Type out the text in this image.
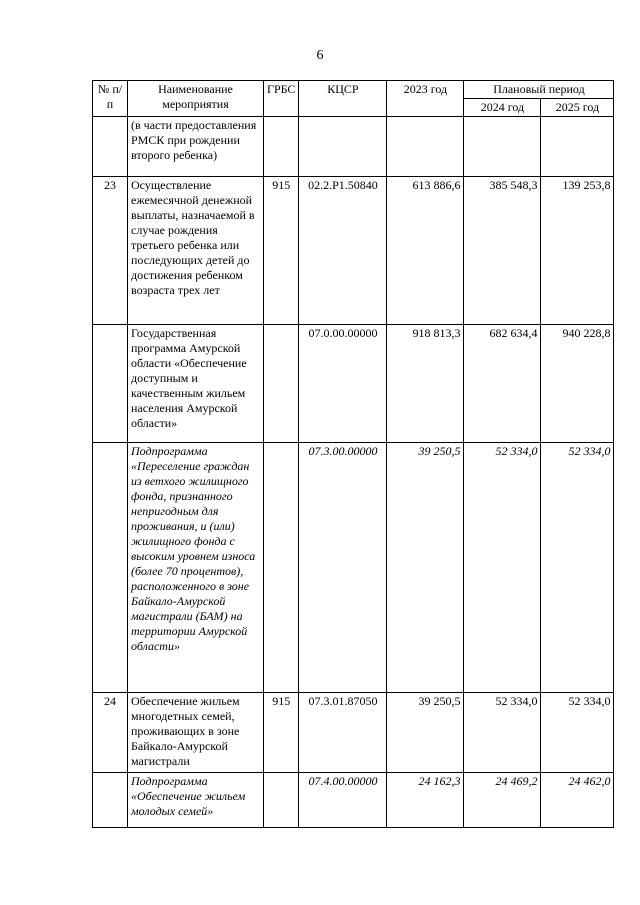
6
№ п/п	Наименование мероприятия	ГРБС	КЦСР	2023 год	Плановый период	
					2024 год	2025 год
	(в части предоставления РМСК при рождении второго ребенка)					
23	Осуществление ежемесячной денежной выплаты, назначаемой в случае рождения третьего ребенка или последующих детей до достижения ребенком возраста трех лет	915	02.2.Р1.50840	613 886,6	385 548,3	139 253,8
	Государственная программа Амурской области «Обеспечение доступным и качественным жильем населения Амурской области»		07.0.00.00000	918 813,3	682 634,4	940 228,8
	Подпрограмма «Переселение граждан из ветхого жилищного фонда, признанного непригодным для проживания, и (или) жилищного фонда с высоким уровнем износа (более 70 процентов), расположенного в зоне Байкало-Амурской магистрали (БАМ) на территории Амурской области»		07.3.00.00000	39 250,5	52 334,0	52 334,0
24	Обеспечение жильем многодетных семей, проживающих в зоне Байкало-Амурской магистрали	915	07.3.01.87050	39 250,5	52 334,0	52 334,0
	Подпрограмма «Обеспечение жильем молодых семей»		07.4.00.00000	24 162,3	24 469,2	24 462,0
